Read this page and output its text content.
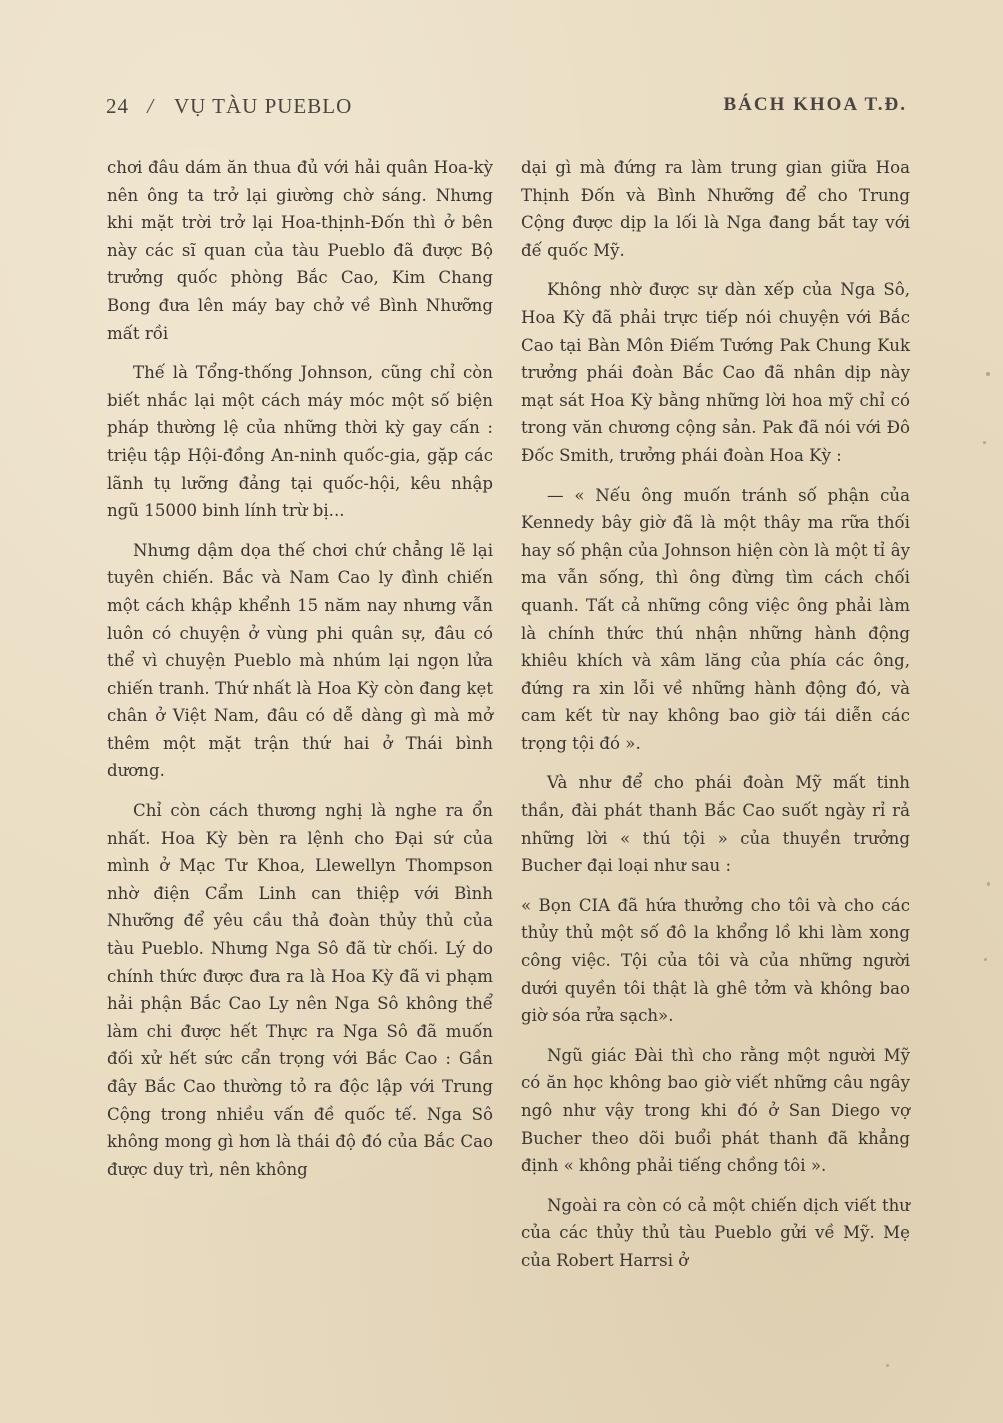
24 / VỤ TÀU PUEBLO	BÁCH KHOA T.Đ.

chơi đâu dám ăn thua đủ với hải quân Hoa-kỳ nên ông ta trở lại giường chờ sáng. Nhưng khi mặt trời trở lại Hoa-thịnh-Đốn thì ở bên này các sĩ quan của tàu Pueblo đã được Bộ trưởng quốc phòng Bắc Cao, Kim Chang Bong đưa lên máy bay chở về Bình Nhưỡng mất rồi

Thế là Tổng-thống Johnson, cũng chỉ còn biết nhắc lại một cách máy móc một số biện pháp thường lệ của những thời kỳ gay cấn : triệu tập Hội-đồng An-ninh quốc-gia, gặp các lãnh tụ lưỡng đảng tại quốc-hội, kêu nhập ngũ 15000 binh lính trừ bị...

Nhưng dậm dọa thế chơi chứ chẳng lẽ lại tuyên chiến. Bắc và Nam Cao ly đình chiến một cách khập khểnh 15 năm nay nhưng vẫn luôn có chuyện ở vùng phi quân sự, đâu có thể vì chuyện Pueblo mà nhúm lại ngọn lửa chiến tranh. Thứ nhất là Hoa Kỳ còn đang kẹt chân ở Việt Nam, đâu có dễ dàng gì mà mở thêm một mặt trận thứ hai ở Thái bình dương.

Chỉ còn cách thương nghị là nghe ra ổn nhất. Hoa Kỳ bèn ra lệnh cho Đại sứ của mình ở Mạc Tư Khoa, Llewellyn Thompson nhờ điện Cẩm Linh can thiệp với Bình Nhưỡng để yêu cầu thả đoàn thủy thủ của tàu Pueblo. Nhưng Nga Sô đã từ chối. Lý do chính thức được đưa ra là Hoa Kỳ đã vi phạm hải phận Bắc Cao Ly nên Nga Sô không thể làm chi được hết Thực ra Nga Sô đã muốn đối xử hết sức cẩn trọng với Bắc Cao : Gần đây Bắc Cao thường tỏ ra độc lập với Trung Cộng trong nhiều vấn đề quốc tế. Nga Sô không mong gì hơn là thái độ đó của Bắc Cao được duy trì, nên không

dại gì mà đứng ra làm trung gian giữa Hoa Thịnh Đốn và Bình Nhưỡng để cho Trung Cộng được dịp la lối là Nga đang bắt tay với đế quốc Mỹ.

Không nhờ được sự dàn xếp của Nga Sô, Hoa Kỳ đã phải trực tiếp nói chuyện với Bắc Cao tại Bàn Môn Điếm Tướng Pak Chung Kuk trưởng phái đoàn Bắc Cao đã nhân dịp này mạt sát Hoa Kỳ bằng những lời hoa mỹ chỉ có trong văn chương cộng sản. Pak đã nói với Đô Đốc Smith, trưởng phái đoàn Hoa Kỳ :

— « Nếu ông muốn tránh số phận của Kennedy bây giờ đã là một thây ma rữa thối hay số phận của Johnson hiện còn là một tỉ ây ma vẫn sống, thì ông đừng tìm cách chối quanh. Tất cả những công việc ông phải làm là chính thức thú nhận những hành động khiêu khích và xâm lăng của phía các ông, đứng ra xin lỗi về những hành động đó, và cam kết từ nay không bao giờ tái diễn các trọng tội đó ».

Và như để cho phái đoàn Mỹ mất tinh thần, đài phát thanh Bắc Cao suốt ngày rỉ rả những lời « thú tội » của thuyền trưởng Bucher đại loại như sau :

« Bọn CIA đã hứa thưởng cho tôi và cho các thủy thủ một số đô la khổng lồ khi làm xong công việc. Tội của tôi và của những người dưới quyền tôi thật là ghê tởm và không bao giờ sóa rửa sạch».

Ngũ giác Đài thì cho rằng một người Mỹ có ăn học không bao giờ viết những câu ngây ngô như vậy trong khi đó ở San Diego vợ Bucher theo dõi buổi phát thanh đã khẳng định « không phải tiếng chồng tôi ».

Ngoài ra còn có cả một chiến dịch viết thư của các thủy thủ tàu Pueblo gửi về Mỹ. Mẹ của Robert Harrsi ở
